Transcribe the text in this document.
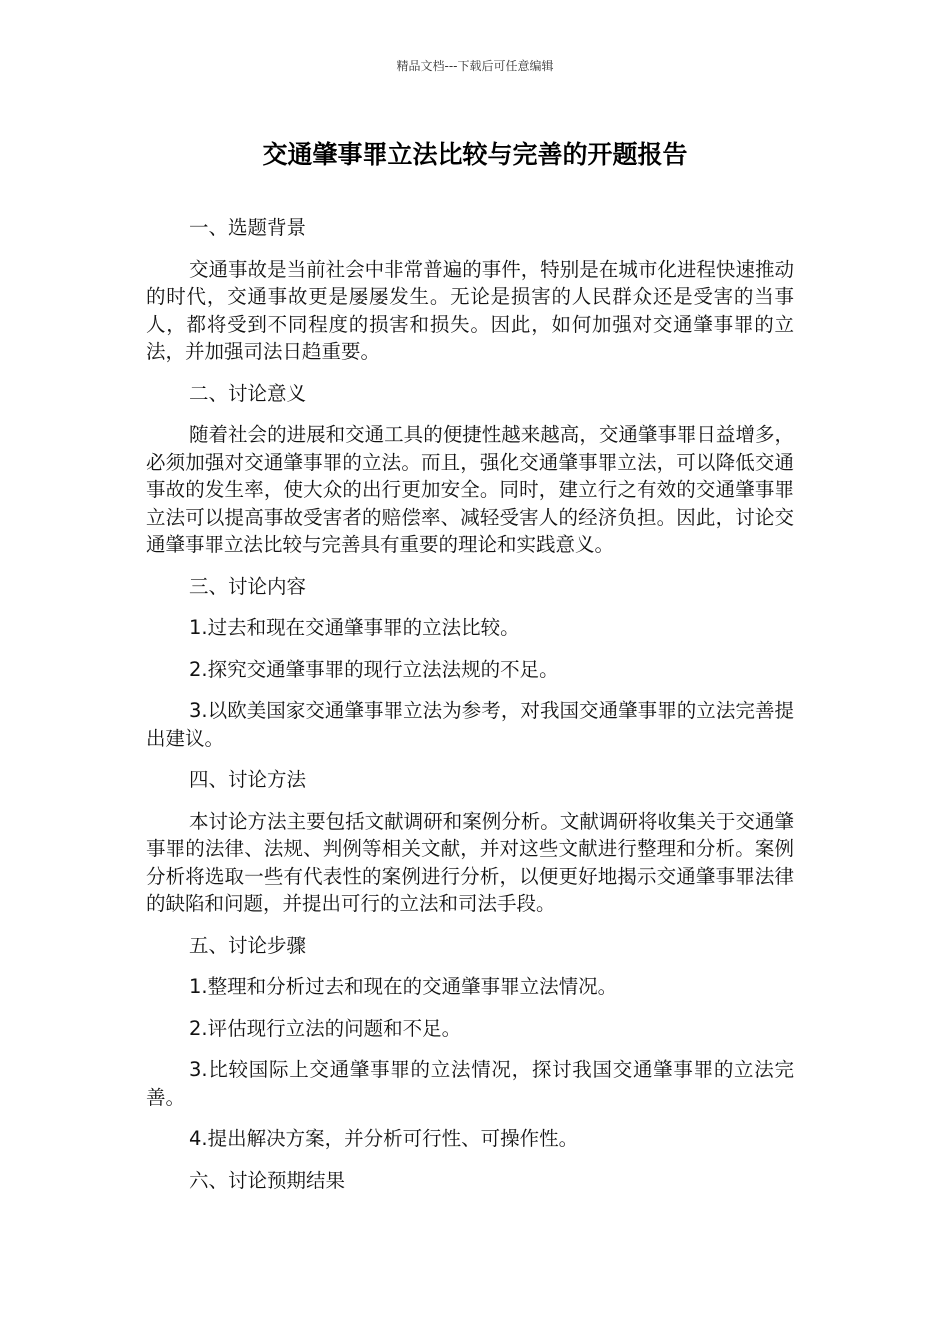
精品文档---下载后可任意编辑
交通肇事罪立法比较与完善的开题报告

一、选题背景

交通事故是当前社会中非常普遍的事件，特别是在城市化进程快速推动的时代，交通事故更是屡屡发生。无论是损害的人民群众还是受害的当事人，都将受到不同程度的损害和损失。因此，如何加强对交通肇事罪的立法，并加强司法日趋重要。

二、讨论意义

随着社会的进展和交通工具的便捷性越来越高，交通肇事罪日益增多，必须加强对交通肇事罪的立法。而且，强化交通肇事罪立法，可以降低交通事故的发生率，使大众的出行更加安全。同时，建立行之有效的交通肇事罪立法可以提高事故受害者的赔偿率、减轻受害人的经济负担。因此，讨论交通肇事罪立法比较与完善具有重要的理论和实践意义。

三、讨论内容

1.过去和现在交通肇事罪的立法比较。

2.探究交通肇事罪的现行立法法规的不足。

3.以欧美国家交通肇事罪立法为参考，对我国交通肇事罪的立法完善提出建议。

四、讨论方法

本讨论方法主要包括文献调研和案例分析。文献调研将收集关于交通肇事罪的法律、法规、判例等相关文献，并对这些文献进行整理和分析。案例分析将选取一些有代表性的案例进行分析，以便更好地揭示交通肇事罪法律的缺陷和问题，并提出可行的立法和司法手段。

五、讨论步骤

1.整理和分析过去和现在的交通肇事罪立法情况。

2.评估现行立法的问题和不足。

3.比较国际上交通肇事罪的立法情况，探讨我国交通肇事罪的立法完善。

4.提出解决方案，并分析可行性、可操作性。

六、讨论预期结果
